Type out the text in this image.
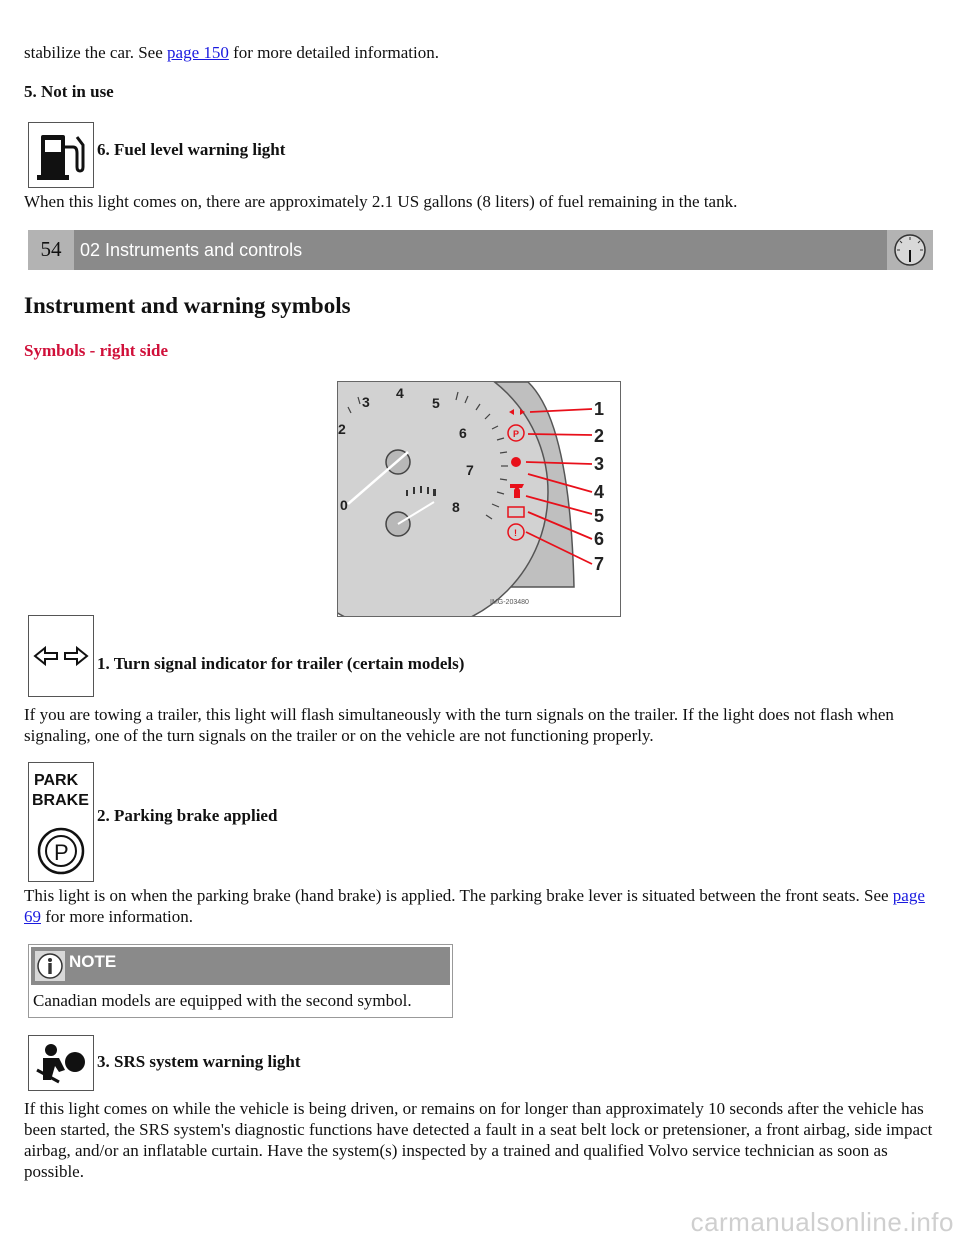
stabilize the car. See page 150 for more detailed information.

5. Not in use

6. Fuel level warning light

When this light comes on, there are approximately 2.1 US gallons (8 liters) of fuel remaining in the tank.

54	02 Instruments and controls

Instrument and warning symbols

Symbols - right side

3
4
5
6
7
8
0
2	P
!
1
2
3
4
5
6
7
IMG-203480

1. Turn signal indicator for trailer (certain models)

If you are towing a trailer, this light will flash simultaneously with the turn signals on the trailer. If the light does not flash when signaling, one of the turn signals on the trailer or on the vehicle are not functioning properly.

PARK
BRAKE
P

2. Parking brake applied

This light is on when the parking brake (hand brake) is applied. The parking brake lever is situated between the front seats. See page 69 for more information.

NOTE
Canadian models are equipped with the second symbol.

3. SRS system warning light

If this light comes on while the vehicle is being driven, or remains on for longer than approximately 10 seconds after the vehicle has been started, the SRS system's diagnostic functions have detected a fault in a seat belt lock or pretensioner, a front airbag, side impact airbag, and/or an inflatable curtain. Have the system(s) inspected by a trained and qualified Volvo service technician as soon as possible.

carmanualsonline.info
